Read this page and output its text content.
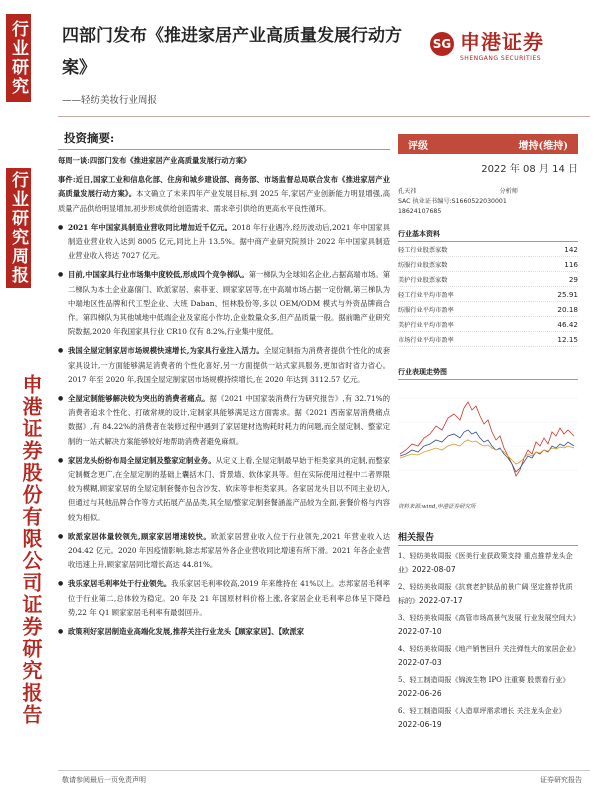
行业研究
行业研究周报
申港证券股份有限公司证券研究报告
四部门发布《推进家居产业高质量发展行动方案》
——轻纺美妆行业周报
SG 申港证券
SHENGANG SECURITIES
投资摘要:
每周一谈:四部门发布《推进家居产业高质量发展行动方案》
事件:近日,国家工业和信息化部、住房和城乡建设部、商务部、市场监督总局联合发布《推进家居产业高质量发展行动方案》。本文确立了未来四年产业发展目标,到 2025 年,家居产业创新能力明显增强,高质量产品供给明显增加,初步形成供给创造需求、需求牵引供给的更高水平良性循环。
● 2021 年中国家具制造业营收同比增加近千亿元。2018 年行业遇冷,经历波动后,2021 年中国家具制造业营业收入达到 8005 亿元,同比上升 13.5%。据中商产业研究院预计 2022 年中国家具制造业营业收入将达 7027 亿元。
● 目前,中国家具行业市场集中度较低,形成四个竞争梯队。第一梯队为全球知名企业,占据高端市场。第二梯队为本土企业嘉僖门、欧派家居、索菲亚、顾家家居等,在中高端市场占据一定份额,第三梯队为中端地区性品牌和代工型企业、大班 Daban、恒林股份等,多以 OEM/ODM 模式与外资品牌商合作。第四梯队为其他城地中低端企业及家庭小作坊,企业数量众多,但产品质量一般。据前瞻产业研究院数据,2020 年我国家具行业 CR10 仅有 8.2%,行业集中度低。
● 我国全屋定制家居市场规模快速增长,为家具行业注入活力。全屋定制指为消费者提供个性化的成套家具设计,一方面能够满足消费者的个性化喜好,另一方面提供一站式家具服务,更加省时省力省心。2017 年至 2020 年,我国全屋定制家居市场规模持续增长,在 2020 年达到 3112.57 亿元。
● 全屋定制能够解决较为突出的消费者痛点。据《2021 中国家装消费行为研究报告》,有 32.71%的消费者追求个性化、打破常规的设计,定制家具能够满足这方面需求。据《2021 西南家居消费痛点数据》,有 84.22%的消费者在装修过程中遇到了家居建材选购耗时耗力的问题,而全屋定制、整家定制的一站式解决方案能够较好地帮助消费者避免麻烦。
● 家居龙头纷纷布局全屋定制及整家定制业务。从定义上看,全屋定制最早始于柜类家具的定制,而整家定制概念更广,在全屋定制的基础上囊括木门、背景墙、软体家具等。但在实际使用过程中二者界限较为模糊,顾家家居的全屋定制套餐亦包含沙发、软床等非柜类家具。各家居龙头目以不同主业切入,但通过与其他品牌合作等方式拓展产品品类,其全屋/整家定制套餐涵盖产品较为全面,套餐价格与内容较为相似。
● 欧派家居体量较领先,顾家家居增速较快。欧派家居营业收入位于行业领先,2021 年营业收入达 204.42 亿元。2020 年因疫情影响,除志邦家居外各企业营收同比增速有所下滑。2021 年各企业营收迅速上升,顾家家居同比增长高达 44.81%。
● 我乐家居毛利率处于行业领先。我乐家居毛利率较高,2019 年来维持在 41%以上。志邦家居毛利率位于行业第二,总体较为稳定。20 年及 21 年国原材料价格上涨,各家居企业毛利率总体呈下降趋势,22 年 Q1 顾家家居毛利率有最弱回升。
● 政策利好家居制造业高端化发展,推荐关注行业龙头【顾家家居】、【欧派家
评级	增持(维持)
2022 年 08 月 14 日
孔天祎	分析师
SAC 执业证书编号:S1660522030001
18624107685
行业基本资料
轻工行业股票家数	142
纺服行业股票家数	116
美护行业股票家数	29
轻工行业平均市盈率	25.91
纺服行业平均市盈率	20.18
美护行业平均市盈率	46.42
市场行业平均市盈率	12.15
行业表现走势图
资料来源:wind,申港证券研究所
相关报告
1、轻纺美妆周报《医美行业获政策支持 重点推荐龙头企业》2022-08-07
2、轻纺美妆周报《抗衰老护肤品前景广阔 坚定推荐优质标的》2022-07-17
3、轻纺美妆周报《高管市场高景气发展 行业发展空间大》2022-07-10
4、轻纺美妆周报《地产销售回升 关注弹性大的家居企业》2022-07-03
5、轻工制造周报《锦波生物 IPO 注重赛 股票看行业》2022-06-26
6、轻工制造周报《人造草坪需求增长 关注龙头企业》2022-06-19
敬请参阅最后一页免责声明	证券研究报告
